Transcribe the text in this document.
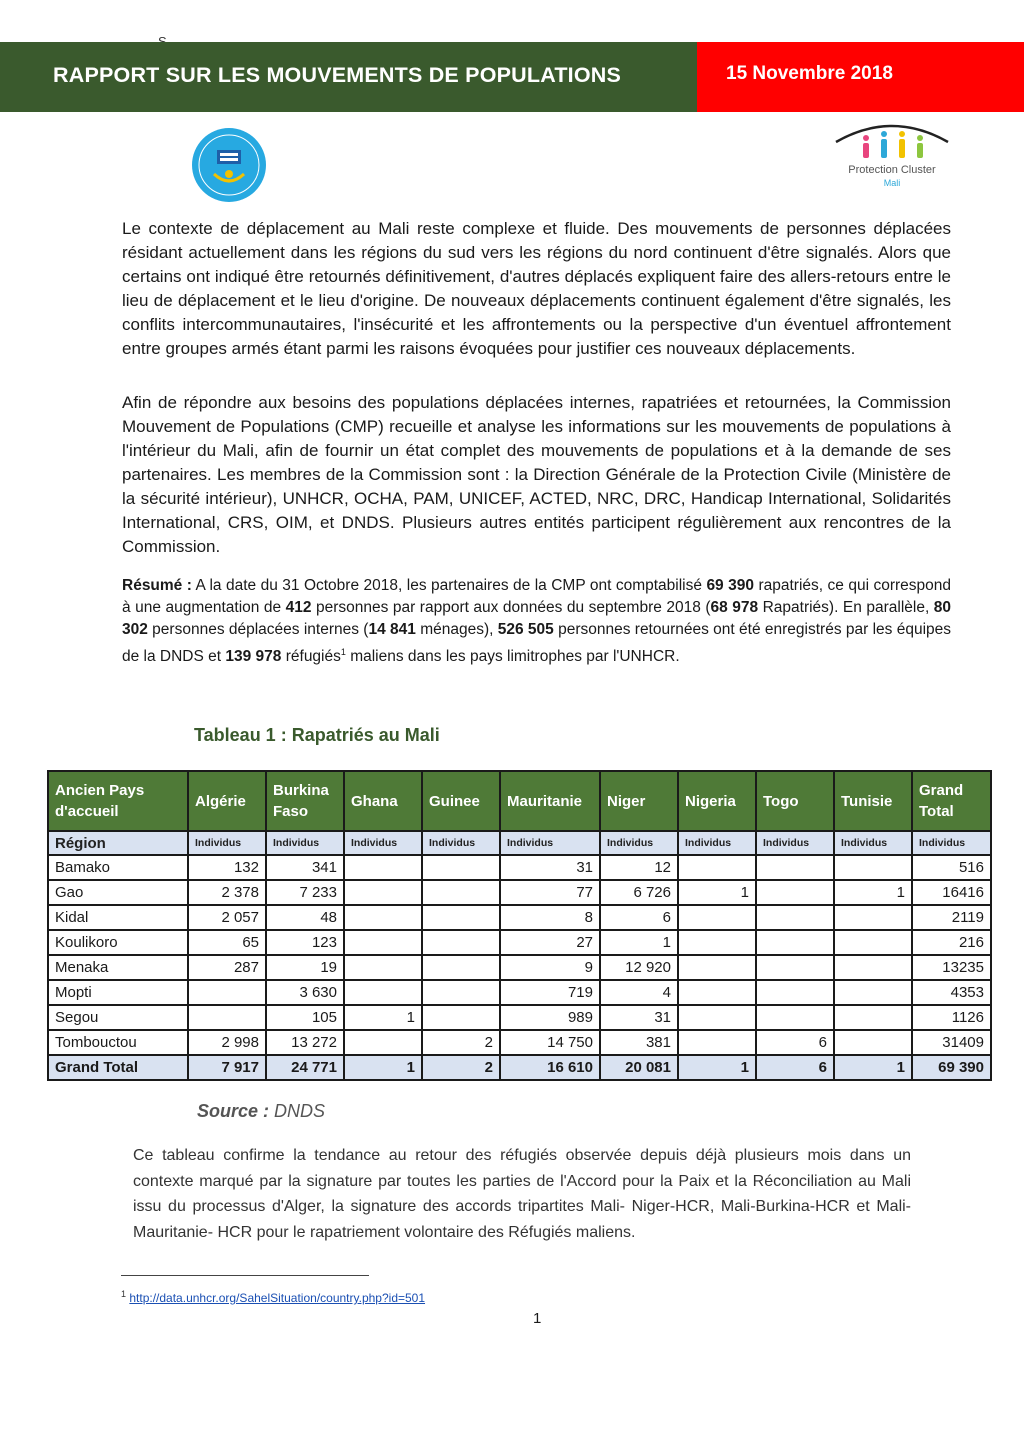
RAPPORT SUR LES MOUVEMENTS DE POPULATIONS	15 Novembre 2018
Protection Cluster
Mali

Le contexte de déplacement au Mali reste complexe et fluide. Des mouvements de personnes déplacées résidant actuellement dans les régions du sud vers les régions du nord continuent d'être signalés. Alors que certains ont indiqué être retournés définitivement, d'autres déplacés expliquent faire des allers-retours entre le lieu de déplacement et le lieu d'origine. De nouveaux déplacements continuent également d'être signalés, les conflits intercommunautaires, l'insécurité et les affrontements ou la perspective d'un éventuel affrontement entre groupes armés étant parmi les raisons évoquées pour justifier ces nouveaux déplacements.

Afin de répondre aux besoins des populations déplacées internes, rapatriées et retournées, la Commission Mouvement de Populations (CMP) recueille et analyse les informations sur les mouvements de populations à l'intérieur du Mali, afin de fournir un état complet des mouvements de populations et à la demande de ses partenaires. Les membres de la Commission sont : la Direction Générale de la Protection Civile (Ministère de la sécurité intérieur), UNHCR, OCHA, PAM, UNICEF, ACTED, NRC, DRC, Handicap International, Solidarités International, CRS, OIM, et DNDS. Plusieurs autres entités participent régulièrement aux rencontres de la Commission.

Résumé : A la date du 31 Octobre 2018, les partenaires de la CMP ont comptabilisé 69 390 rapatriés, ce qui correspond à une augmentation de 412 personnes par rapport aux données du septembre 2018 (68 978 Rapatriés). En parallèle, 80 302 personnes déplacées internes (14 841 ménages), 526 505 personnes retournées ont été enregistrés par les équipes de la DNDS et 139 978 réfugiés$^1$ maliens dans les pays limitrophes par l'UNHCR.

Tableau 1 : Rapatriés au Mali
Ancien Pays d'accueil	Algérie	Burkina Faso	Ghana	Guinee	Mauritanie	Niger	Nigeria	Togo	Tunisie	Grand Total
Région	Individus	Individus	Individus	Individus	Individus	Individus	Individus	Individus	Individus	Individus
Bamako	132	341			31	12				516
Gao	2 378	7 233			77	6 726	1		1	16416
Kidal	2 057	48			8	6				2119
Koulikoro	65	123			27	1				216
Menaka	287	19			9	12 920				13235
Mopti		3 630			719	4				4353
Segou		105	1		989	31				1126
Tombouctou	2 998	13 272		2	14 750	381		6		31409
Grand Total	7 917	24 771	1	2	16 610	20 081	1	6	1	69 390
Source : DNDS

Ce tableau confirme la tendance au retour des réfugiés observée depuis déjà plusieurs mois dans un contexte marqué par la signature par toutes les parties de l'Accord pour la Paix et la Réconciliation au Mali issu du processus d'Alger, la signature des accords tripartites Mali- Niger-HCR, Mali-Burkina-HCR et Mali-Mauritanie- HCR pour le rapatriement volontaire des Réfugiés maliens.

$^1$ http://data.unhcr.org/SahelSituation/country.php?id=501
1
